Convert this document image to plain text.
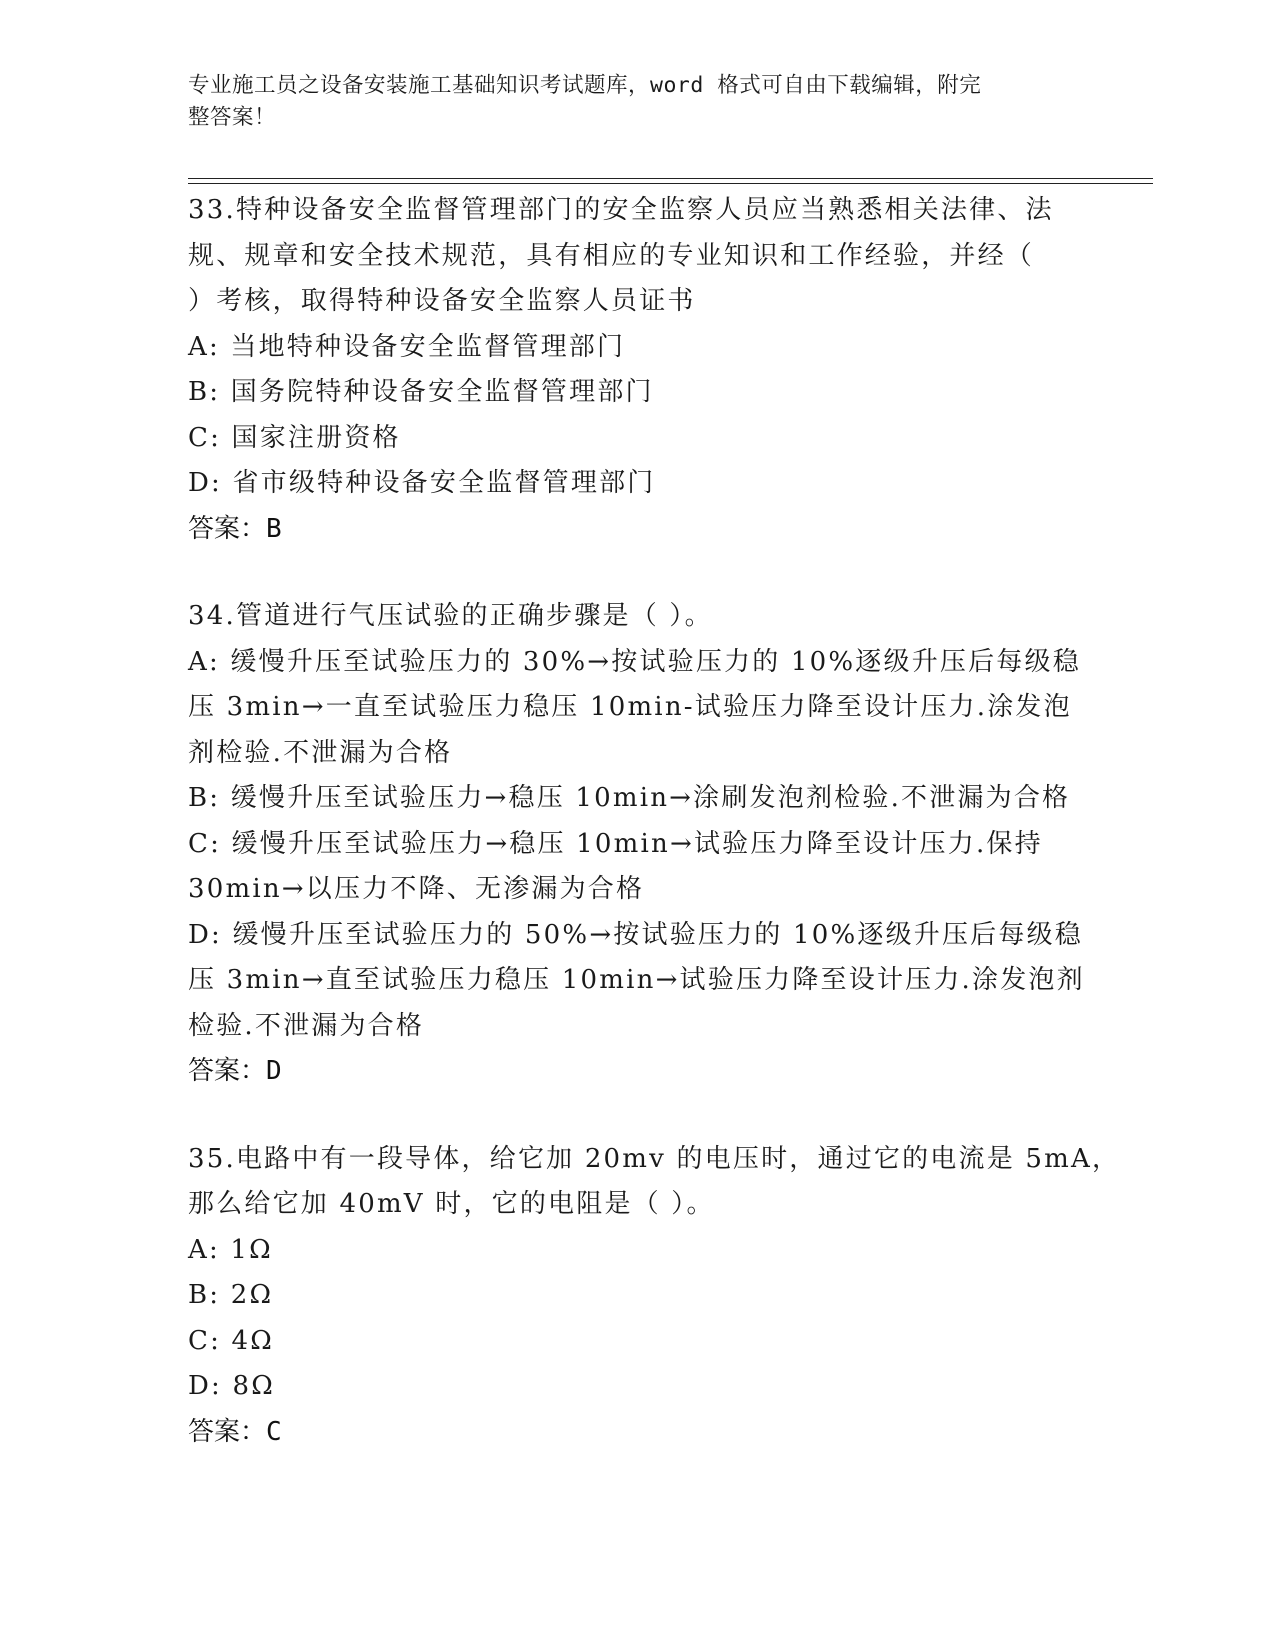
专业施工员之设备安装施工基础知识考试题库，word 格式可自由下载编辑，附完
整答案！
33.特种设备安全监督管理部门的安全监察人员应当熟悉相关法律、法
规、规章和安全技术规范，具有相应的专业知识和工作经验，并经（
）考核，取得特种设备安全监察人员证书
A: 当地特种设备安全监督管理部门
B: 国务院特种设备安全监督管理部门
C: 国家注册资格
D: 省市级特种设备安全监督管理部门
答案：B
34.管道进行气压试验的正确步骤是（ ）。
A: 缓慢升压至试验压力的 30%→按试验压力的 10%逐级升压后每级稳
压 3min→一直至试验压力稳压 10min-试验压力降至设计压力.涂发泡
剂检验.不泄漏为合格
B: 缓慢升压至试验压力→稳压 10min→涂刷发泡剂检验.不泄漏为合格
C: 缓慢升压至试验压力→稳压 10min→试验压力降至设计压力.保持
30min→以压力不降、无渗漏为合格
D: 缓慢升压至试验压力的 50%→按试验压力的 10%逐级升压后每级稳
压 3min→直至试验压力稳压 10min→试验压力降至设计压力.涂发泡剂
检验.不泄漏为合格
答案：D
35.电路中有一段导体，给它加 20mv 的电压时，通过它的电流是 5mA，
那么给它加 40mV 时，它的电阻是（ ）。
A: 1Ω
B: 2Ω
C: 4Ω
D: 8Ω
答案：C
